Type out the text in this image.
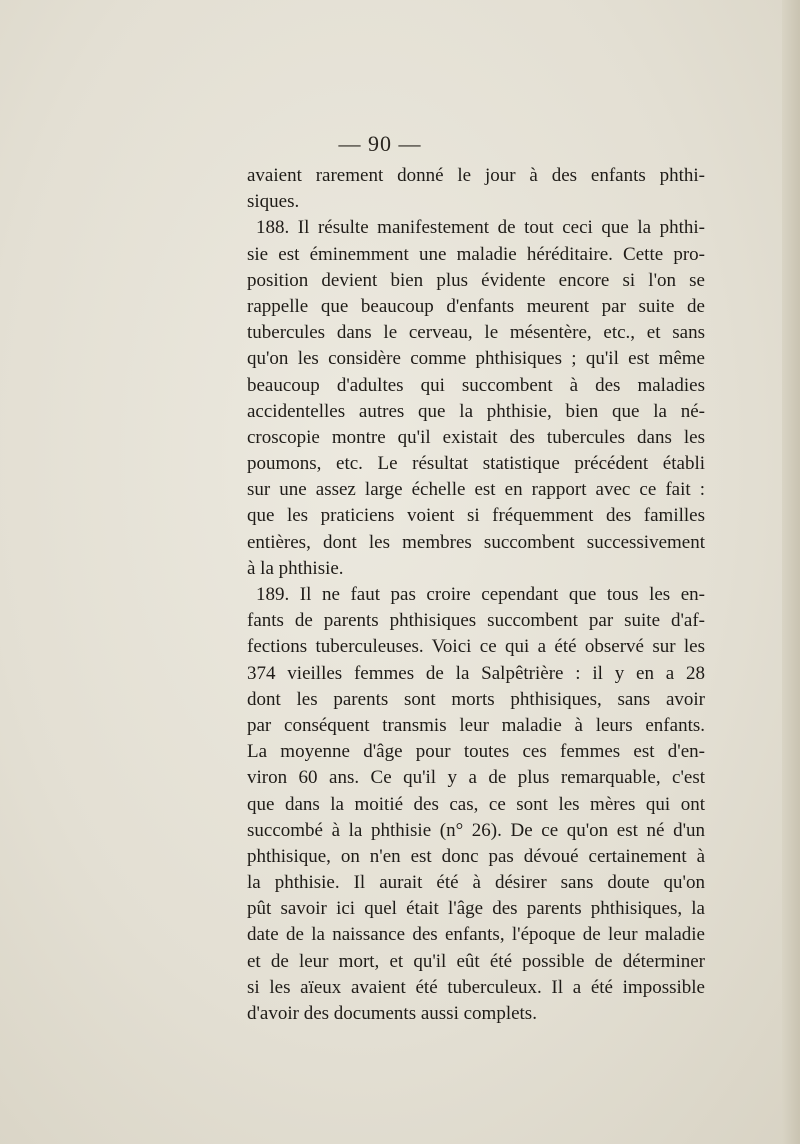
— 90 —
avaient rarement donné le jour à des enfants phthi-
siques.
188. Il résulte manifestement de tout ceci que la phthi-
sie est éminemment une maladie héréditaire. Cette pro-
position devient bien plus évidente encore si l'on se
rappelle que beaucoup d'enfants meurent par suite de
tubercules dans le cerveau, le mésentère, etc., et sans
qu'on les considère comme phthisiques ; qu'il est même
beaucoup d'adultes qui succombent à des maladies
accidentelles autres que la phthisie, bien que la né-
croscopie montre qu'il existait des tubercules dans les
poumons, etc. Le résultat statistique précédent établi
sur une assez large échelle est en rapport avec ce fait :
que les praticiens voient si fréquemment des familles
entières, dont les membres succombent successivement
à la phthisie.
189. Il ne faut pas croire cependant que tous les en-
fants de parents phthisiques succombent par suite d'af-
fections tuberculeuses. Voici ce qui a été observé sur les
374 vieilles femmes de la Salpêtrière : il y en a 28
dont les parents sont morts phthisiques, sans avoir
par conséquent transmis leur maladie à leurs enfants.
La moyenne d'âge pour toutes ces femmes est d'en-
viron 60 ans. Ce qu'il y a de plus remarquable, c'est
que dans la moitié des cas, ce sont les mères qui ont
succombé à la phthisie (n° 26). De ce qu'on est né d'un
phthisique, on n'en est donc pas dévoué certainement à
la phthisie. Il aurait été à désirer sans doute qu'on
pût savoir ici quel était l'âge des parents phthisiques, la
date de la naissance des enfants, l'époque de leur maladie
et de leur mort, et qu'il eût été possible de déterminer
si les aïeux avaient été tuberculeux. Il a été impossible
d'avoir des documents aussi complets.
